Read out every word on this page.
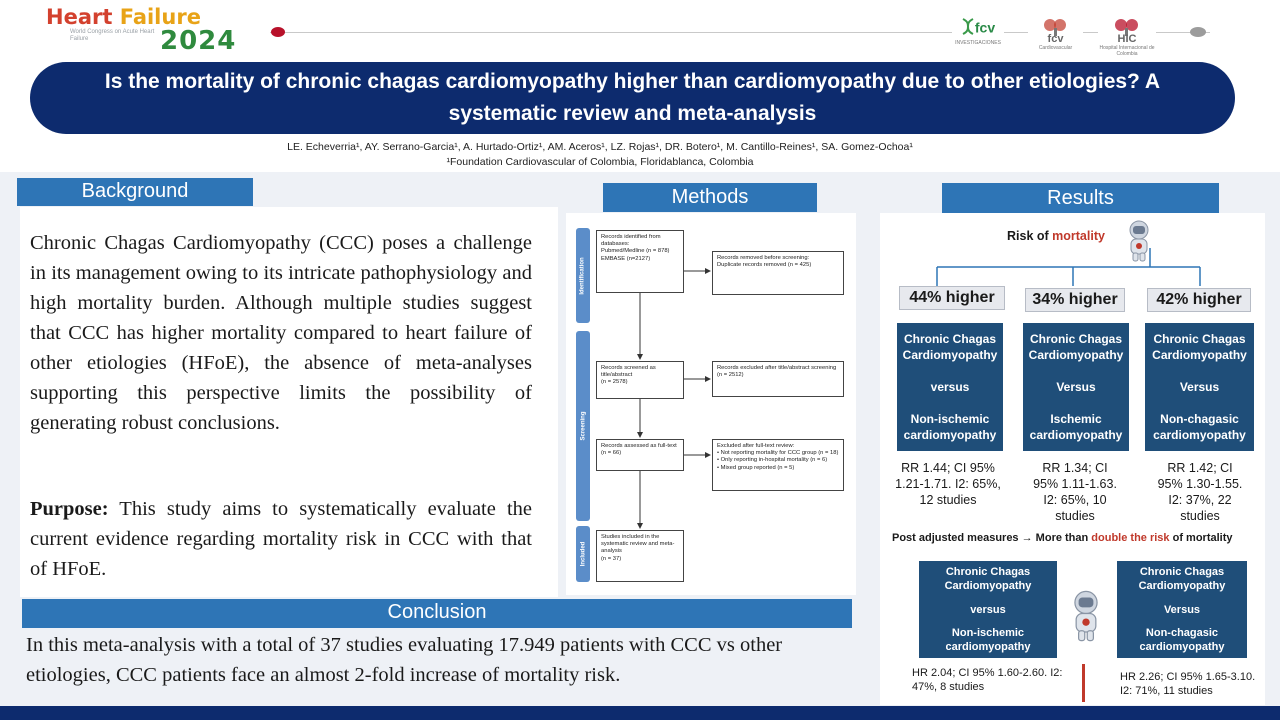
Heart Failure
World Congress on Acute Heart Failure	2024	fcv
INVESTIGACIONES	fcv
Cardiovascular
HIC
Hospital Internacional de Colombia
Is the mortality of chronic chagas cardiomyopathy higher than cardiomyopathy due to other etiologies? A systematic review and meta-analysis
LE. Echeverria¹, AY. Serrano-Garcia¹, A. Hurtado-Ortiz¹, AM. Aceros¹, LZ. Rojas¹, DR. Botero¹, M. Cantillo-Reines¹, SA. Gomez-Ochoa¹
¹Foundation Cardiovascular of Colombia, Floridablanca, Colombia
Background
Chronic Chagas Cardiomyopathy (CCC) poses a challenge in its management owing to its intricate pathophysiology and high mortality burden. Although multiple studies suggest that CCC has higher mortality compared to heart failure of other etiologies (HFoE), the absence of meta-analyses supporting this perspective limits the possibility of generating robust conclusions.
Purpose: This study aims to systematically evaluate the current evidence regarding mortality risk in CCC with that of HFoE.
Conclusion
In this meta-analysis with a total of 37 studies evaluating 17.949 patients with CCC vs other etiologies, CCC patients face an almost 2-fold increase of mortality risk.
Methods
Identification
Screening
Included
Records identified from databases:
Pubmed/Medline (n = 878)
EMBASE (n=2127)	Records removed before screening:
Duplicate records removed (n = 425)
Records screened as title/abstract
(n = 2578)
Records excluded after title/abstract screening
(n = 2512)
Records assessed as full-text
(n = 66)
Excluded after full-text review:
• Not reporting mortality for CCC group (n = 18)
• Only reporting in-hospital mortality (n = 6)
• Mixed group reported (n = 5)
Studies included in the systematic review and meta-analysis
(n = 37)
Results
Risk of mortality
44% higher	34% higher	42% higher
Chronic Chagas Cardiomyopathy
versus
Non-ischemic cardiomyopathy
Chronic Chagas Cardiomyopathy
Versus
Ischemic cardiomyopathy
Chronic Chagas Cardiomyopathy
Versus
Non-chagasic cardiomyopathy
RR 1.44; CI 95% 1.21-1.71. I2: 65%, 12 studies
RR 1.34; CI 95% 1.11-1.63. I2: 65%, 10 studies
RR 1.42; CI 95% 1.30-1.55. I2: 37%, 22 studies
Post adjusted measures → More than double the risk of mortality
Chronic Chagas Cardiomyopathy
versus
Non-ischemic cardiomyopathy
Chronic Chagas Cardiomyopathy
Versus
Non-chagasic cardiomyopathy
HR 2.04; CI 95% 1.60-2.60. I2: 47%, 8 studies
HR 2.26; CI 95% 1.65-3.10. I2: 71%, 11 studies
